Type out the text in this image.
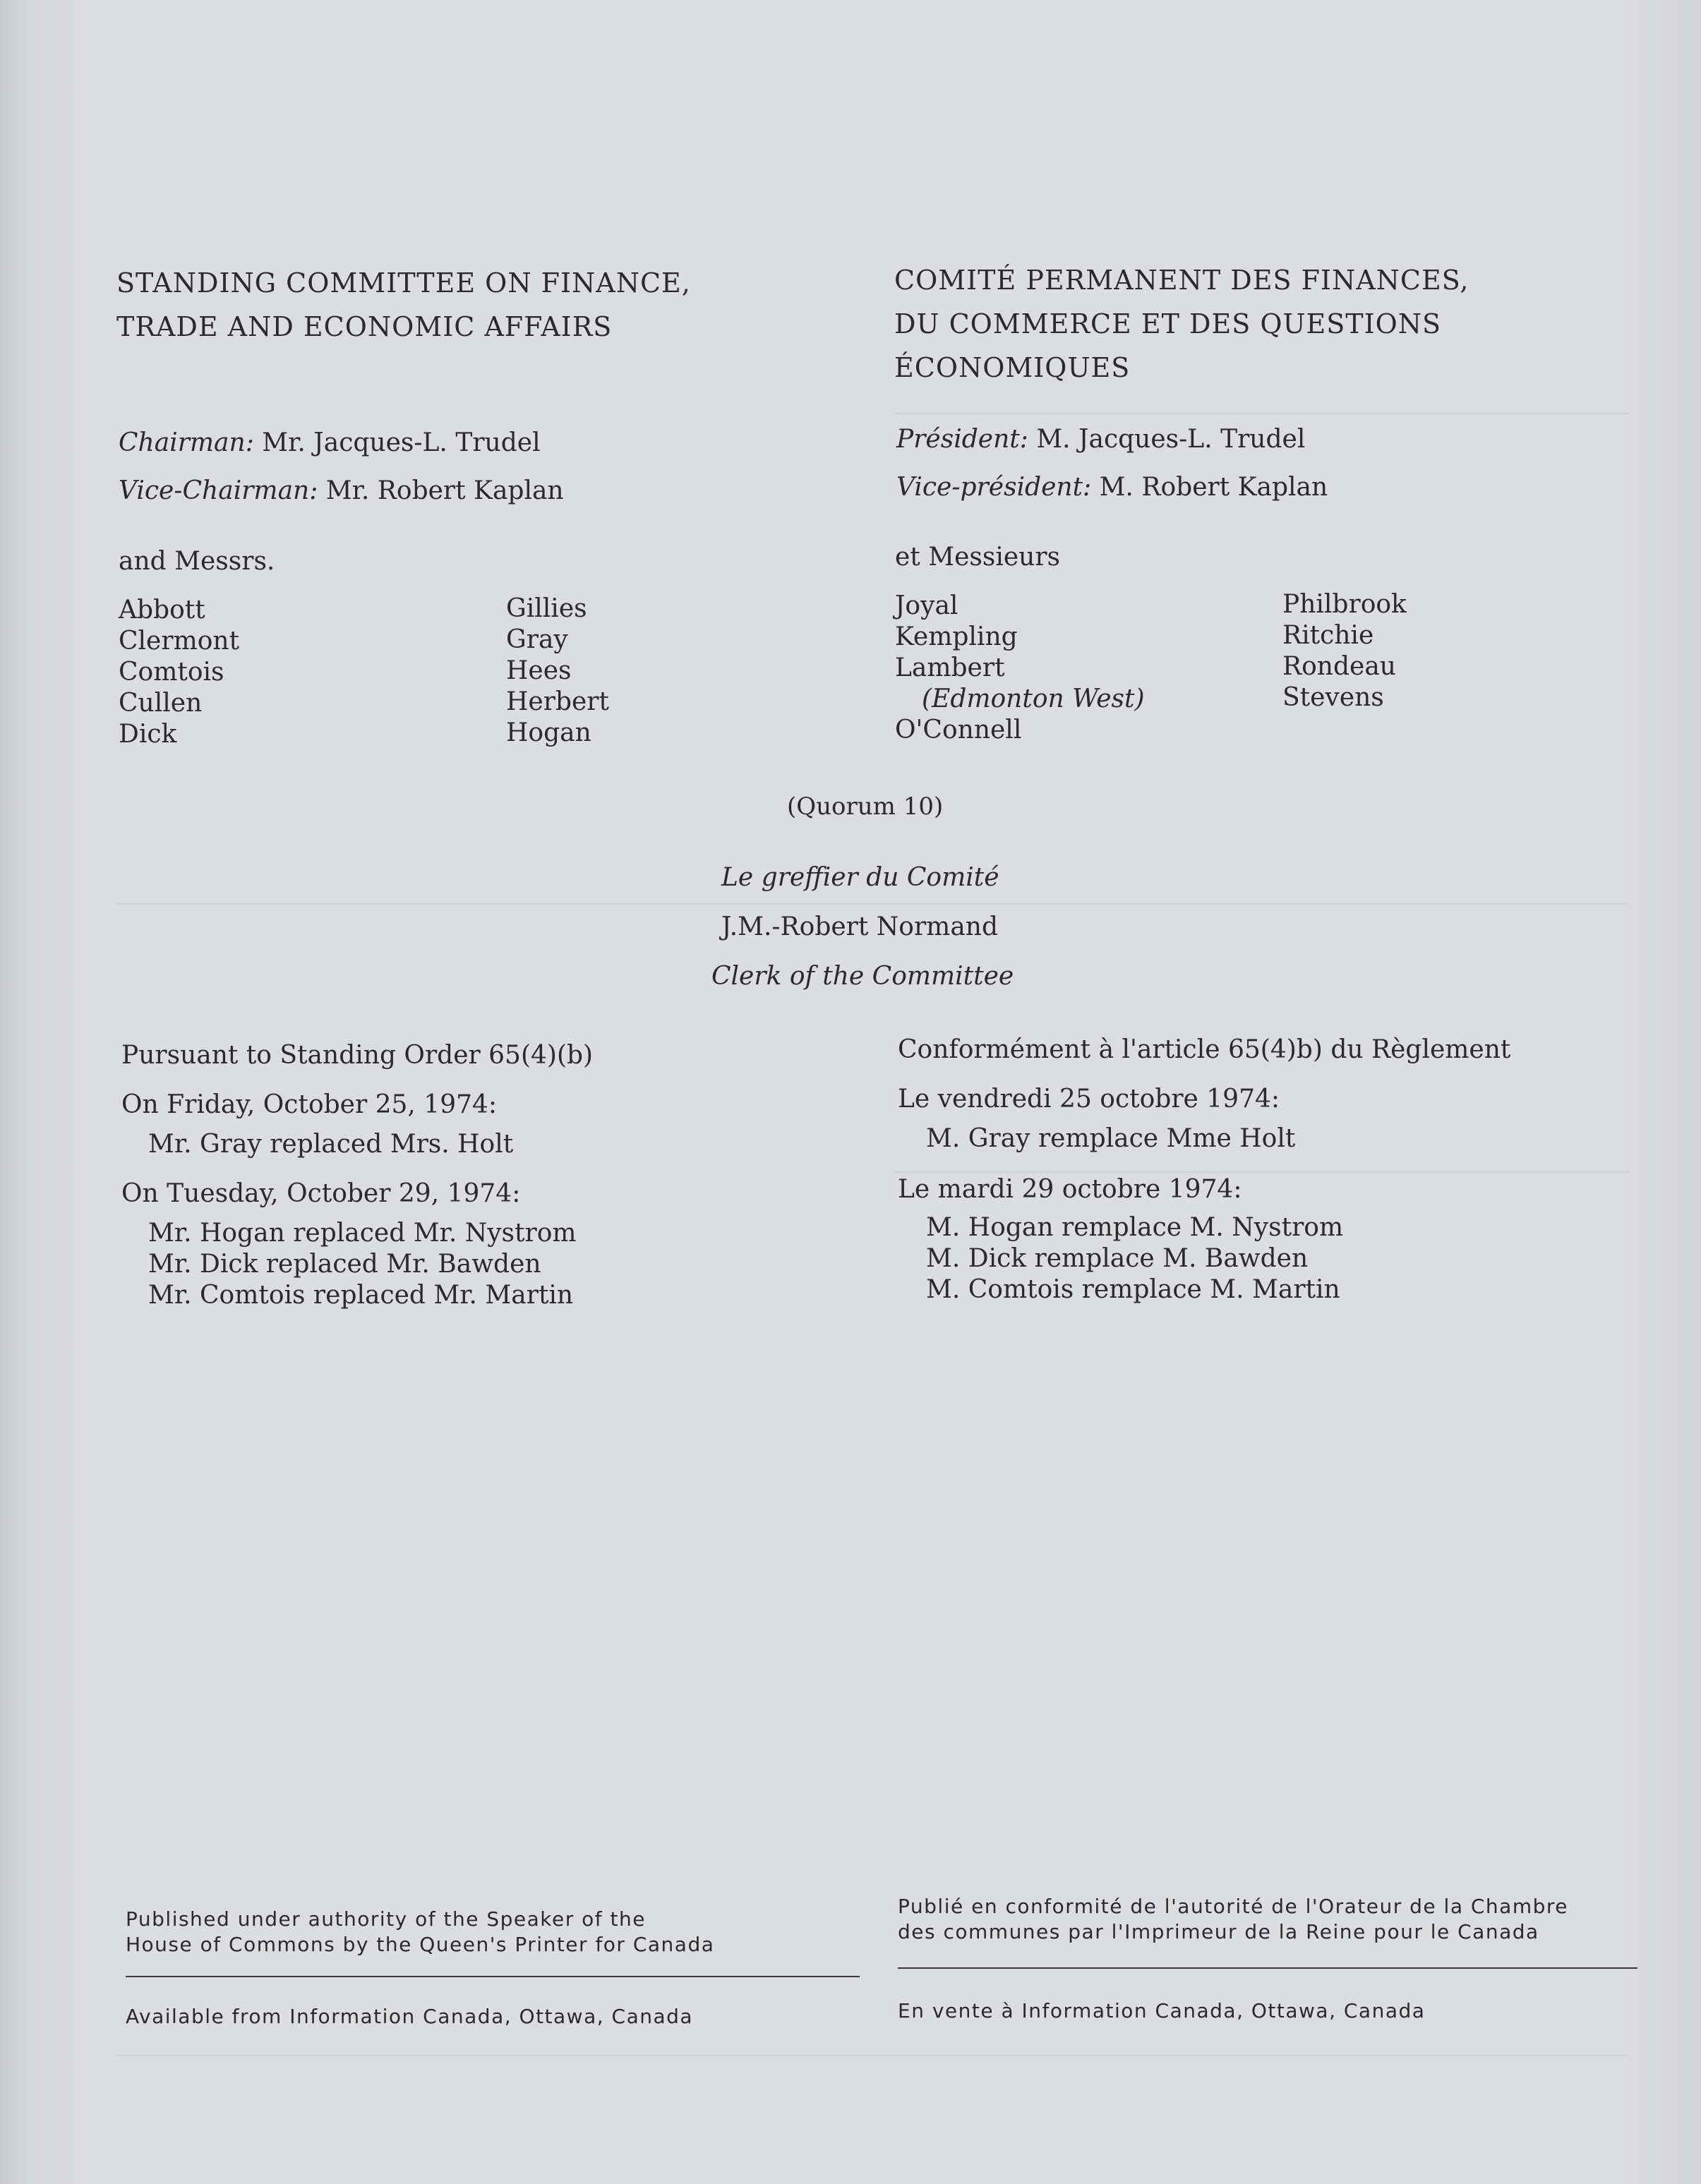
STANDING COMMITTEE ON FINANCE,
TRADE AND ECONOMIC AFFAIRS
COMITÉ PERMANENT DES FINANCES,
DU COMMERCE ET DES QUESTIONS
ÉCONOMIQUES
Chairman: Mr. Jacques-L. Trudel
Vice-Chairman: Mr. Robert Kaplan
and Messrs.
Président: M. Jacques-L. Trudel
Vice-président: M. Robert Kaplan
et Messieurs
Abbott
Clermont
Comtois
Cullen
Dick
Gillies
Gray
Hees
Herbert
Hogan
Joyal
Kempling
Lambert
(Edmonton West)
O'Connell
Philbrook
Ritchie
Rondeau
Stevens
(Quorum 10)
Le greffier du Comité
J.M.-Robert Normand
Clerk of the Committee
Pursuant to Standing Order 65(4)(b)
On Friday, October 25, 1974:
Mr. Gray replaced Mrs. Holt
On Tuesday, October 29, 1974:
Mr. Hogan replaced Mr. Nystrom
Mr. Dick replaced Mr. Bawden
Mr. Comtois replaced Mr. Martin
Conformément à l'article 65(4)b) du Règlement
Le vendredi 25 octobre 1974:
M. Gray remplace Mme Holt
Le mardi 29 octobre 1974:
M. Hogan remplace M. Nystrom
M. Dick remplace M. Bawden
M. Comtois remplace M. Martin
Published under authority of the Speaker of the
House of Commons by the Queen's Printer for Canada
Available from Information Canada, Ottawa, Canada
Publié en conformité de l'autorité de l'Orateur de la Chambre
des communes par l'Imprimeur de la Reine pour le Canada
En vente à Information Canada, Ottawa, Canada
